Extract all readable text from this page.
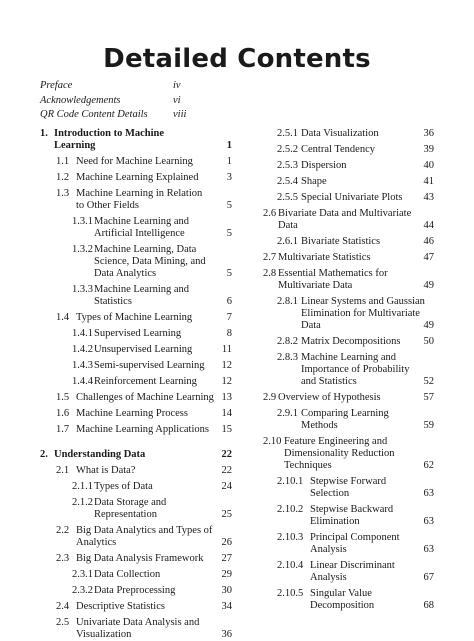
Detailed Contents
Preface	iv
Acknowledgements	vi
QR Code Content Details viii
1. Introduction to Machine
Learning	1
1.1 Need for Machine Learning	1
1.2 Machine Learning Explained	3
1.3 Machine Learning in Relation
to Other Fields	5
1.3.1 Machine Learning and
Artificial Intelligence	5
1.3.2 Machine Learning, Data
Science, Data Mining, and
Data Analytics	5
1.3.3 Machine Learning and
Statistics	6
1.4 Types of Machine Learning	7
1.4.1 Supervised Learning	8
1.4.2 Unsupervised Learning	11
1.4.3 Semi-supervised Learning	12
1.4.4 Reinforcement Learning	12
1.5 Challenges of Machine Learning 13
1.6 Machine Learning Process	14
1.7 Machine Learning Applications	15
2. Understanding Data	22
2.1 What is Data?	22
2.1.1 Types of Data	24
2.1.2 Data Storage and
Representation	25
2.2 Big Data Analytics and Types of
Analytics	26
2.3 Big Data Analysis Framework	27
2.3.1 Data Collection	29
2.3.2 Data Preprocessing	30
2.4 Descriptive Statistics	34
2.5 Univariate Data Analysis and
Visualization	36
2.5.1 Data Visualization	36
2.5.2 Central Tendency	39
2.5.3 Dispersion	40
2.5.4 Shape	41
2.5.5 Special Univariate Plots	43
2.6 Bivariate Data and Multivariate
Data	44
2.6.1 Bivariate Statistics	46
2.7 Multivariate Statistics	47
2.8 Essential Mathematics for
Multivariate Data	49
2.8.1 Linear Systems and Gaussian
Elimination for Multivariate
Data	49
2.8.2 Matrix Decompositions	50
2.8.3 Machine Learning and
Importance of Probability
and Statistics	52
2.9 Overview of Hypothesis	57
2.9.1 Comparing Learning
Methods	59
2.10 Feature Engineering and
Dimensionality Reduction
Techniques	62
2.10.1 Stepwise Forward
Selection	63
2.10.2 Stepwise Backward
Elimination	63
2.10.3 Principal Component
Analysis	63
2.10.4 Linear Discriminant
Analysis	67
2.10.5 Singular Value
Decomposition	68
